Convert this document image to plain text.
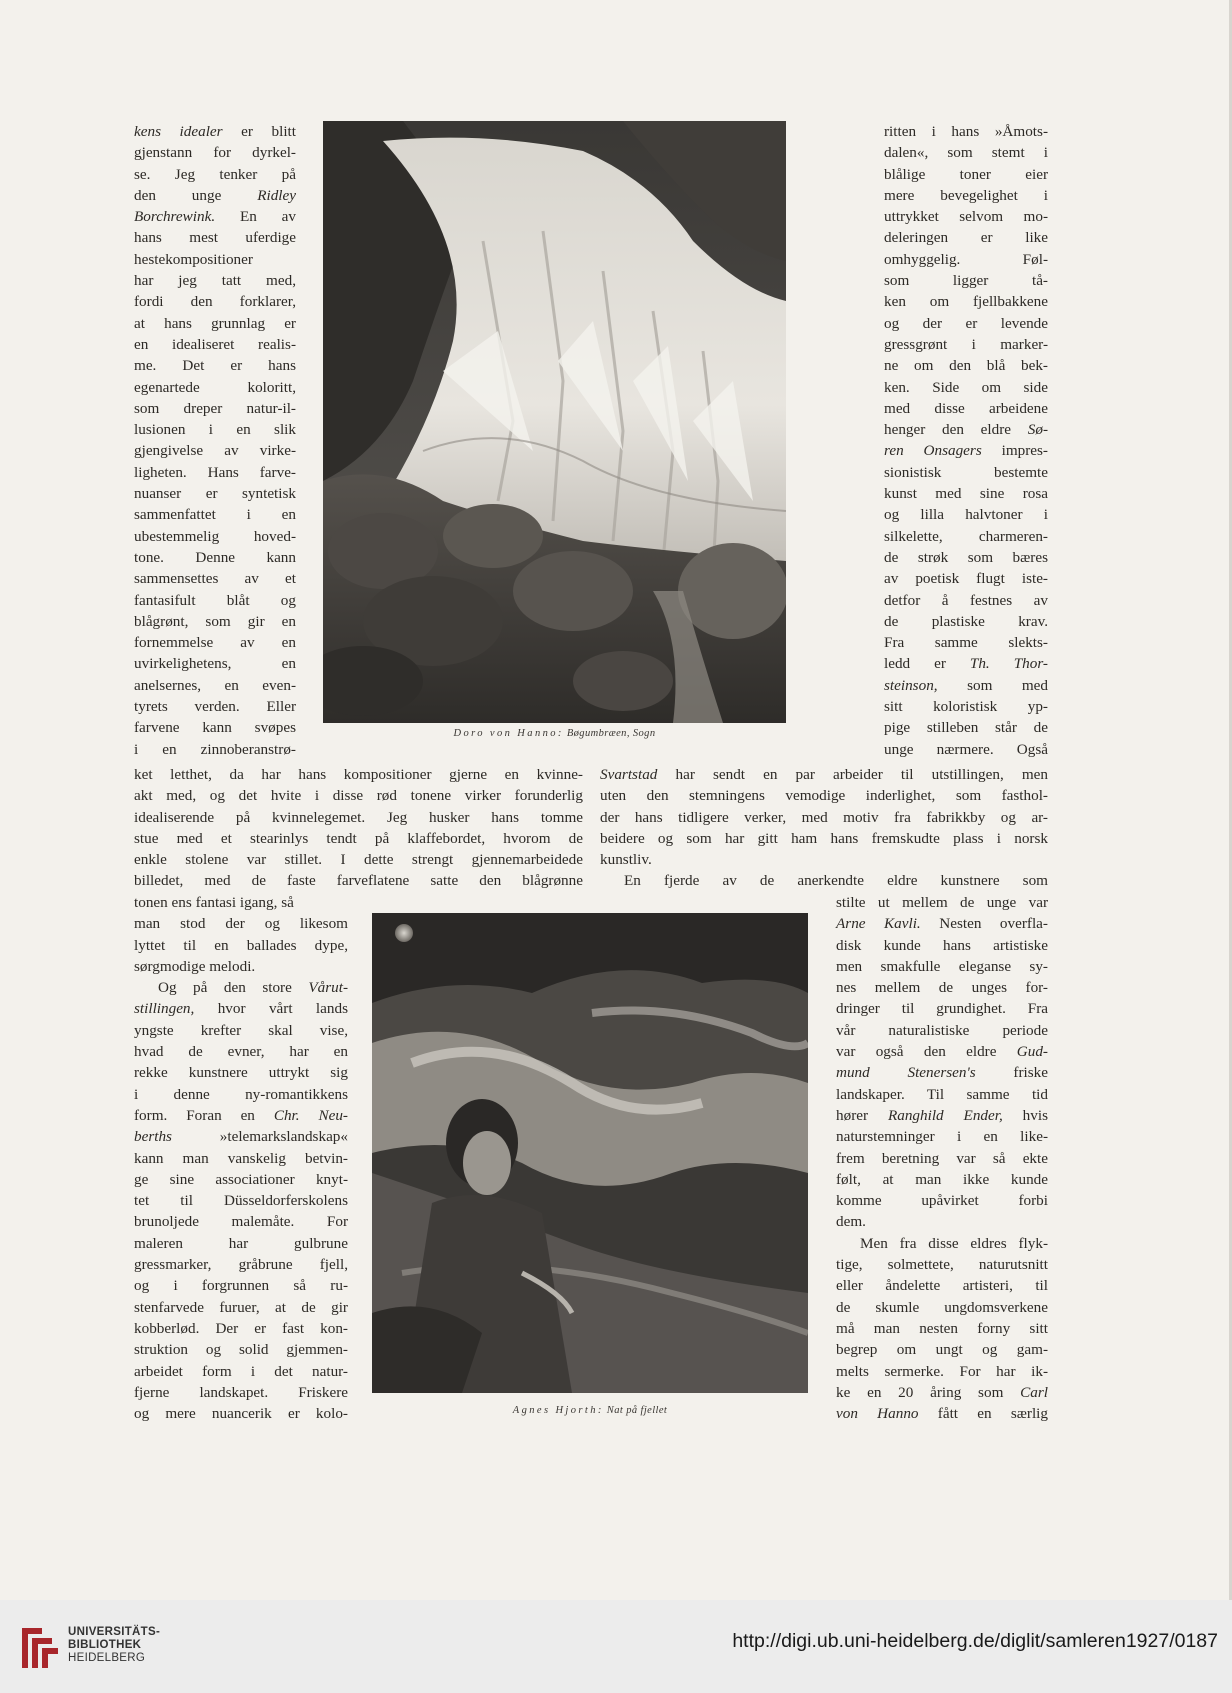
kens idealer er blitt
gjenstann for dyrkel-
se. Jeg tenker på
den unge Ridley
Borchrewink. En av
hans mest uferdige
hestekompositioner
har jeg tatt med,
fordi den forklarer,
at hans grunnlag er
en idealiseret realis-
me. Det er hans
egenartede koloritt,
som dreper natur-il-
lusionen i en slik
gjengivelse av virke-
ligheten. Hans farve-
nuanser er syntetisk
sammenfattet i en
ubestemmelig hoved-
tone. Denne kann
sammensettes av et
fantasifult blåt og
blågrønt, som gir en
fornemmelse av en
uvirkelighetens, en
anelsernes, en even-
tyrets verden. Eller
farvene kann svøpes
i en zinnoberanstrø-
Doro von Hanno: Bøgumbræen, Sogn
ritten i hans »Åmots-
dalen«, som stemt i
blålige toner eier
mere bevegelighet i
uttrykket selvom mo-
deleringen er like
omhyggelig. Føl-
som ligger tå-
ken om fjellbakkene
og der er levende
gressgrønt i marker-
ne om den blå bek-
ken. Side om side
med disse arbeidene
henger den eldre Sø-
ren Onsagers impres-
sionistisk bestemte
kunst med sine rosa
og lilla halvtoner i
silkelette, charmeren-
de strøk som bæres
av poetisk flugt iste-
detfor å festnes av
de plastiske krav.
Fra samme slekts-
ledd er Th. Thor-
steinson, som med
sitt koloristisk yp-
pige stilleben står de
unge nærmere. Også
ket letthet, da har hans kompositioner gjerne en kvinne-
akt med, og det hvite i disse rød tonene virker forunderlig
idealiserende på kvinnelegemet. Jeg husker hans tomme
stue med et stearinlys tendt på klaffebordet, hvorom de
enkle stolene var stillet. I dette strengt gjennemarbeidede
billedet, med de faste farveflatene satte den blågrønne
Svartstad har sendt en par arbeider til utstillingen, men
uten den stemningens vemodige inderlighet, som fasthol-
der hans tidligere verker, med motiv fra fabrikkby og ar-
beidere og som har gitt ham hans fremskudte plass i norsk
kunstliv.
En fjerde av de anerkendte eldre kunstnere som
tonen ens fantasi igang, så
man stod der og likesom
lyttet til en ballades dype,
sørgmodige melodi.
Og på den store Vårut-
stillingen, hvor vårt lands
yngste krefter skal vise,
hvad de evner, har en
rekke kunstnere uttrykt sig
i denne ny-romantikkens
form. Foran en Chr. Neu-
berths »telemarkslandskap«
kann man vanskelig betvin-
ge sine associationer knyt-
tet til Düsseldorferskolens
brunoljede malemåte. For
maleren har gulbrune
gressmarker, gråbrune fjell,
og i forgrunnen så ru-
stenfarvede furuer, at de gir
kobberlød. Der er fast kon-
struktion og solid gjemmen-
arbeidet form i det natur-
fjerne landskapet. Friskere
og mere nuancerik er kolo-	Agnes Hjorth: Nat på fjellet
stilte ut mellem de unge var
Arne Kavli. Nesten overfla-
disk kunde hans artistiske
men smakfulle eleganse sy-
nes mellem de unges for-
dringer til grundighet. Fra
vår naturalistiske periode
var også den eldre Gud-
mund Stenersen's friske
landskaper. Til samme tid
hører Ranghild Ender, hvis
naturstemninger i en like-
frem beretning var så ekte
følt, at man ikke kunde
komme upåvirket forbi
dem.
Men fra disse eldres flyk-
tige, solmettete, naturutsnitt
eller åndelette artisteri, til
de skumle ungdomsverkene
må man nesten forny sitt
begrep om ungt og gam-
melts sermerke. For har ik-
ke en 20 åring som Carl
von Hanno fått en særlig
UNIVERSITÄTS-
BIBLIOTHEK
HEIDELBERG
http://digi.ub.uni-heidelberg.de/diglit/samleren1927/0187
